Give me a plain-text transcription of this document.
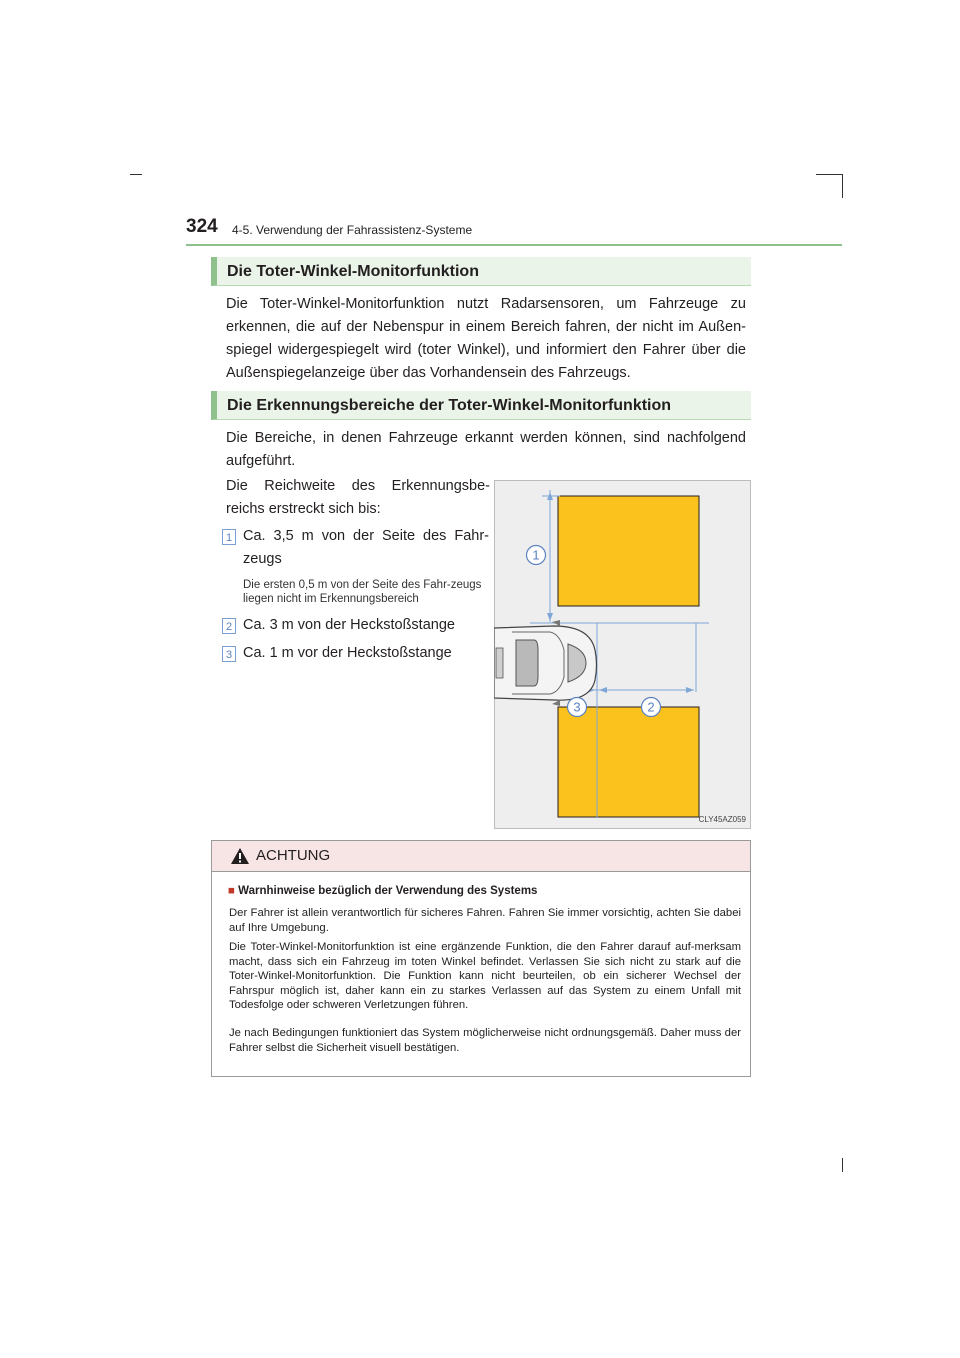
324 4-5. Verwendung der Fahrassistenz-Systeme
Die Toter-Winkel-Monitorfunktion
Die Toter-Winkel-Monitorfunktion nutzt Radarsensoren, um Fahrzeuge zu erkennen, die auf der Nebenspur in einem Bereich fahren, der nicht im Außen-spiegel widergespiegelt wird (toter Winkel), und informiert den Fahrer über die Außenspiegelanzeige über das Vorhandensein des Fahrzeugs.
Die Erkennungsbereiche der Toter-Winkel-Monitorfunktion
Die Bereiche, in denen Fahrzeuge erkannt werden können, sind nachfolgend aufgeführt.
Die Reichweite des Erkennungsbe-reichs erstreckt sich bis:
1 Ca. 3,5 m von der Seite des Fahr-zeugs
Die ersten 0,5 m von der Seite des Fahr-zeugs liegen nicht im Erkennungsbereich
2 Ca. 3 m von der Heckstoßstange
3 Ca. 1 m vor der Heckstoßstange
1
2
3
CLY45AZ059
ACHTUNG
■ Warnhinweise bezüglich der Verwendung des Systems
Der Fahrer ist allein verantwortlich für sicheres Fahren. Fahren Sie immer vorsichtig, achten Sie dabei auf Ihre Umgebung.
Die Toter-Winkel-Monitorfunktion ist eine ergänzende Funktion, die den Fahrer darauf auf-merksam macht, dass sich ein Fahrzeug im toten Winkel befindet. Verlassen Sie sich nicht zu stark auf die Toter-Winkel-Monitorfunktion. Die Funktion kann nicht beurteilen, ob ein sicherer Wechsel der Fahrspur möglich ist, daher kann ein zu starkes Verlassen auf das System zu einem Unfall mit Todesfolge oder schweren Verletzungen führen.
Je nach Bedingungen funktioniert das System möglicherweise nicht ordnungsgemäß. Daher muss der Fahrer selbst die Sicherheit visuell bestätigen.
